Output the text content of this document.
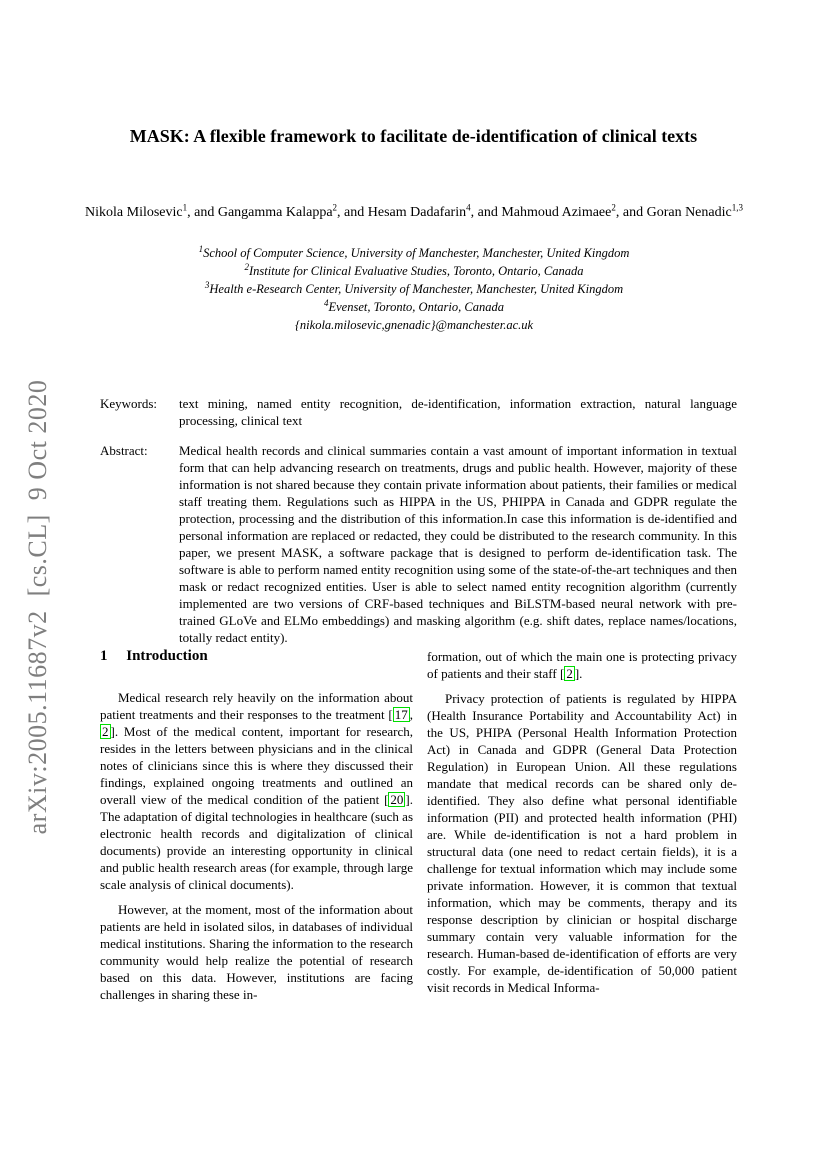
arXiv:2005.11687v2  [cs.CL]  9 Oct 2020
MASK: A flexible framework to facilitate de-identification of clinical texts
Nikola Milosevic$^1$, and Gangamma Kalappa$^2$, and Hesam Dadafarin$^4$, and Mahmoud Azimaee$^2$, and Goran Nenadic$^{1,3}$
$^1$School of Computer Science, University of Manchester, Manchester, United Kingdom
$^2$Institute for Clinical Evaluative Studies, Toronto, Ontario, Canada
$^3$Health e-Research Center, University of Manchester, Manchester, United Kingdom
$^4$Evenset, Toronto, Ontario, Canada
{nikola.milosevic,gnenadic}@manchester.ac.uk
Keywords:	text mining, named entity recognition, de-identification, information extraction, natural language processing, clinical text
Abstract:	Medical health records and clinical summaries contain a vast amount of important information in textual form that can help advancing research on treatments, drugs and public health. However, majority of these information is not shared because they contain private information about patients, their families or medical staff treating them. Regulations such as HIPPA in the US, PHIPPA in Canada and GDPR regulate the protection, processing and the distribution of this information.In case this information is de-identified and personal information are replaced or redacted, they could be distributed to the research community. In this paper, we present MASK, a software package that is designed to perform de-identification task. The software is able to perform named entity recognition using some of the state-of-the-art techniques and then mask or redact recognized entities. User is able to select named entity recognition algorithm (currently implemented are two versions of CRF-based techniques and BiLSTM-based neural network with pre-trained GLoVe and ELMo embeddings) and masking algorithm (e.g. shift dates, replace names/locations, totally redact entity).
1 Introduction

Medical research rely heavily on the information about patient treatments and their responses to the treatment [ 17 , 2 ]. Most of the medical content, important for research, resides in the letters between physicians and in the clinical notes of clinicians since this is where they discussed their findings, explained ongoing treatments and outlined an overall view of the medical condition of the patient [ 20 ]. The adaptation of digital technologies in healthcare (such as electronic health records and digitalization of clinical documents) provide an interesting opportunity in clinical and public health research areas (for example, through large scale analysis of clinical documents).

However, at the moment, most of the information about patients are held in isolated silos, in databases of individual medical institutions. Sharing the information to the research community would help realize the potential of research based on this data. However, institutions are facing challenges in sharing these in-

formation, out of which the main one is protecting privacy of patients and their staff [ 2 ].

Privacy protection of patients is regulated by HIPPA (Health Insurance Portability and Accountability Act) in the US, PHIPA (Personal Health Information Protection Act) in Canada and GDPR (General Data Protection Regulation) in European Union. All these regulations mandate that medical records can be shared only de-identified. They also define what personal identifiable information (PII) and protected health information (PHI) are. While de-identification is not a hard problem in structural data (one need to redact certain fields), it is a challenge for textual information which may include some private information. However, it is common that textual information, which may be comments, therapy and its response description by clinician or hospital discharge summary contain very valuable information for the research. Human-based de-identification of efforts are very costly. For example, de-identification of 50,000 patient visit records in Medical Informa-
